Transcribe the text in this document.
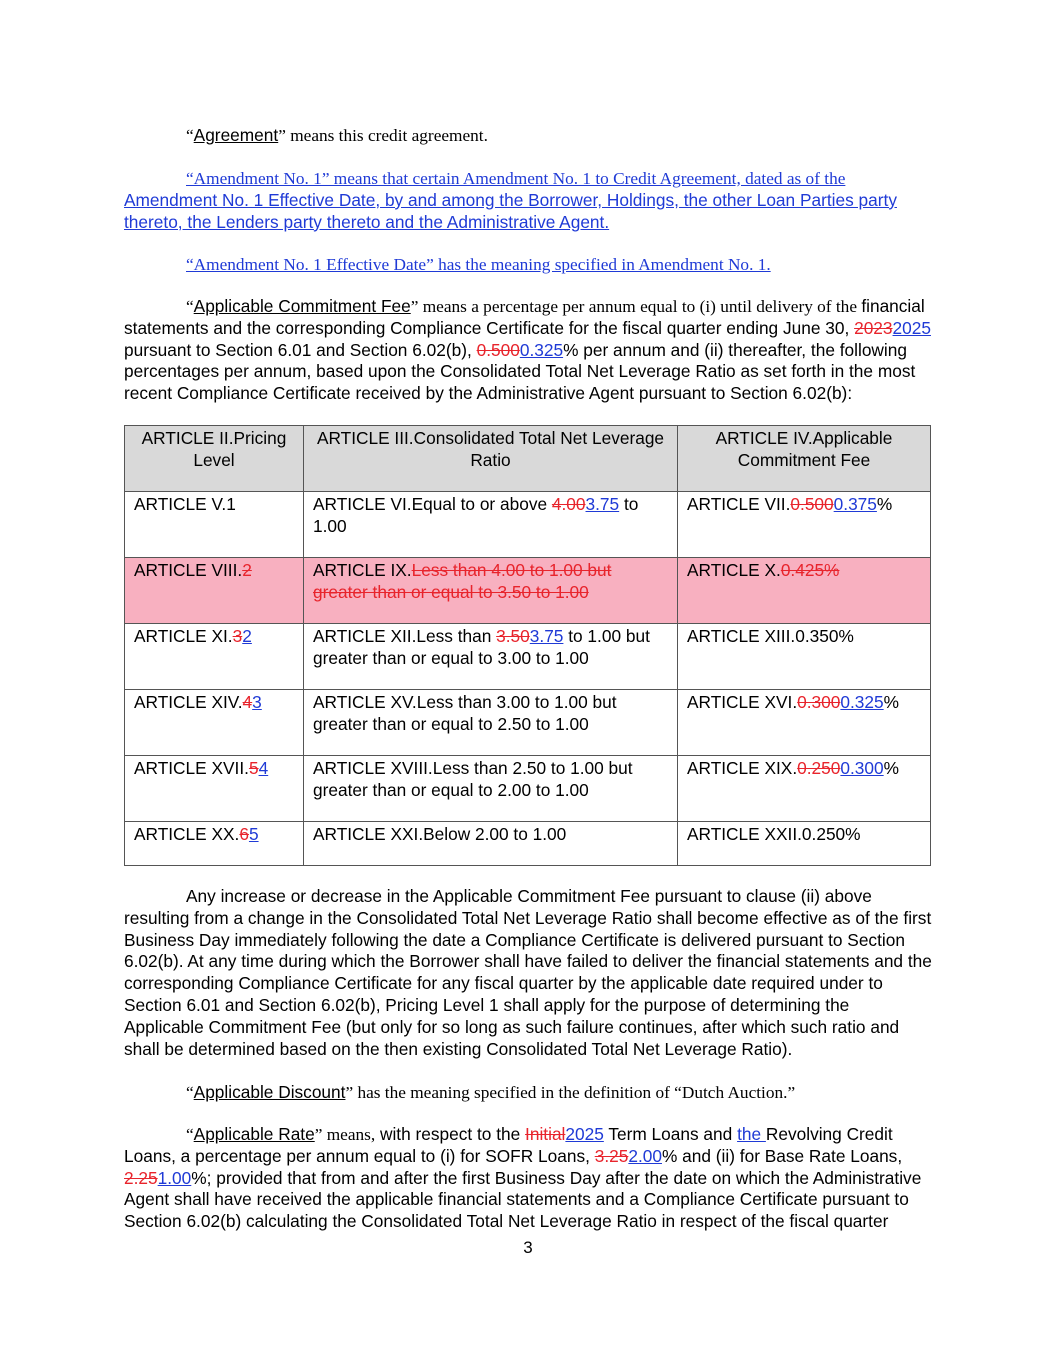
“Agreement” means this credit agreement.
“Amendment No. 1” means that certain Amendment No. 1 to Credit Agreement, dated as of the Amendment No. 1 Effective Date, by and among the Borrower, Holdings, the other Loan Parties party thereto, the Lenders party thereto and the Administrative Agent.
“Amendment No. 1 Effective Date” has the meaning specified in Amendment No. 1.
“Applicable Commitment Fee” means a percentage per annum equal to (i) until delivery of the financial statements and the corresponding Compliance Certificate for the fiscal quarter ending June 30, 20232025 pursuant to Section 6.01 and Section 6.02(b), 0.5000.325% per annum and (ii) thereafter, the following percentages per annum, based upon the Consolidated Total Net Leverage Ratio as set forth in the most recent Compliance Certificate received by the Administrative Agent pursuant to Section 6.02(b):
ARTICLE II.Pricing Level	ARTICLE III.Consolidated Total Net Leverage Ratio	ARTICLE IV.Applicable Commitment Fee
ARTICLE V.1	ARTICLE VI.Equal to or above 4.003.75 to 1.00	ARTICLE VII.0.5000.375%
ARTICLE VIII.2	ARTICLE IX.Less than 4.00 to 1.00 but greater than or equal to 3.50 to 1.00	ARTICLE X.0.425%
ARTICLE XI.32	ARTICLE XII.Less than 3.503.75 to 1.00 but greater than or equal to 3.00 to 1.00	ARTICLE XIII.0.350%
ARTICLE XIV.43	ARTICLE XV.Less than 3.00 to 1.00 but greater than or equal to 2.50 to 1.00	ARTICLE XVI.0.3000.325%
ARTICLE XVII.54	ARTICLE XVIII.Less than 2.50 to 1.00 but greater than or equal to 2.00 to 1.00	ARTICLE XIX.0.2500.300%
ARTICLE XX.65	ARTICLE XXI.Below 2.00 to 1.00	ARTICLE XXII.0.250%
Any increase or decrease in the Applicable Commitment Fee pursuant to clause (ii) above resulting from a change in the Consolidated Total Net Leverage Ratio shall become effective as of the first Business Day immediately following the date a Compliance Certificate is delivered pursuant to Section 6.02(b). At any time during which the Borrower shall have failed to deliver the financial statements and the corresponding Compliance Certificate for any fiscal quarter by the applicable date required under to Section 6.01 and Section 6.02(b), Pricing Level 1 shall apply for the purpose of determining the Applicable Commitment Fee (but only for so long as such failure continues, after which such ratio and shall be determined based on the then existing Consolidated Total Net Leverage Ratio).
“Applicable Discount” has the meaning specified in the definition of “Dutch Auction.”
“Applicable Rate” means, with respect to the Initial2025 Term Loans and the Revolving Credit Loans, a percentage per annum equal to (i) for SOFR Loans, 3.252.00% and (ii) for Base Rate Loans, 2.251.00%; provided that from and after the first Business Day after the date on which the Administrative Agent shall have received the applicable financial statements and a Compliance Certificate pursuant to Section 6.02(b) calculating the Consolidated Total Net Leverage Ratio in respect of the fiscal quarter
3
